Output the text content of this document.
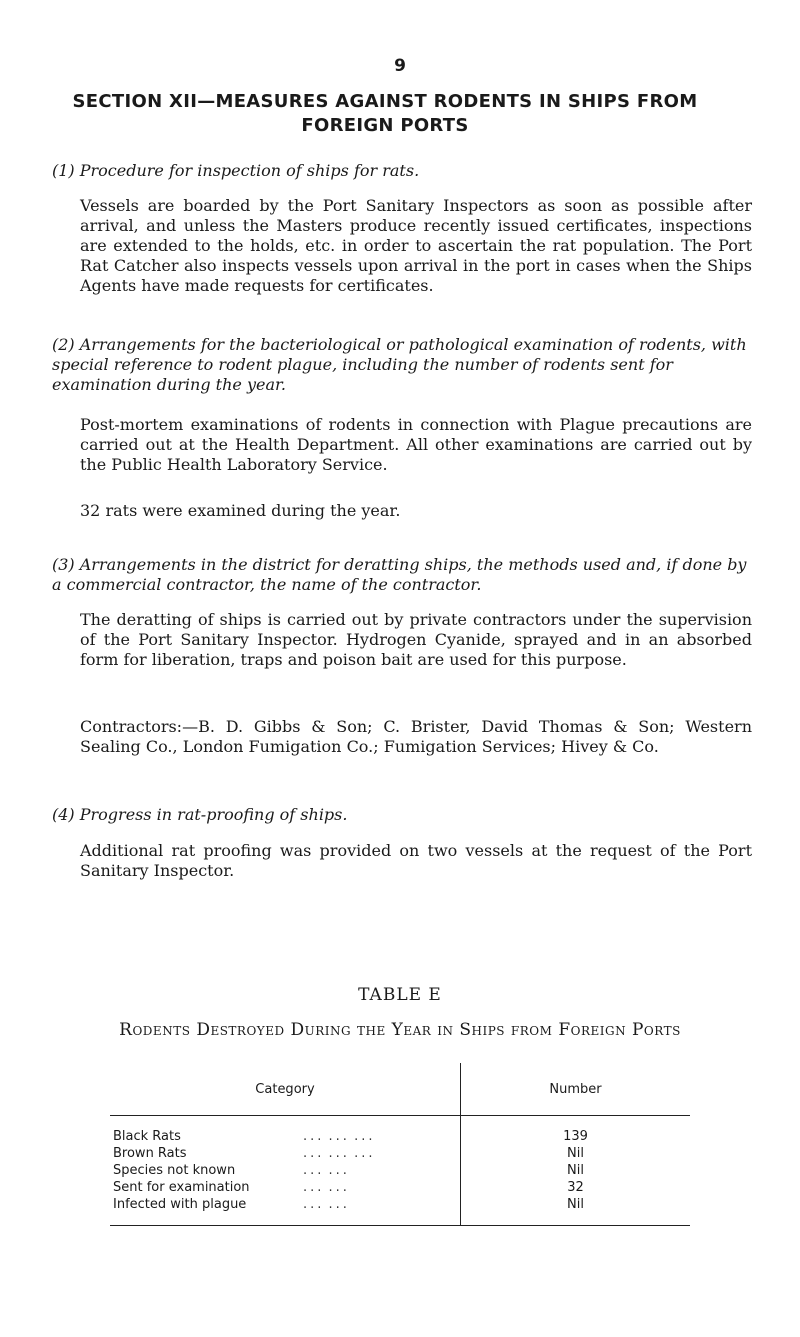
9
SECTION XII—MEASURES AGAINST RODENTS IN SHIPS FROM FOREIGN PORTS
(1) Procedure for inspection of ships for rats.
Vessels are boarded by the Port Sanitary Inspectors as soon as possible after arrival, and unless the Masters produce recently issued certificates, inspections are extended to the holds, etc. in order to ascertain the rat population. The Port Rat Catcher also inspects vessels upon arrival in the port in cases when the Ships Agents have made requests for certificates.
(2) Arrangements for the bacteriological or pathological examination of rodents, with special reference to rodent plague, including the number of rodents sent for examination during the year.
Post-mortem examinations of rodents in connection with Plague precautions are carried out at the Health Department. All other examinations are carried out by the Public Health Laboratory Service.
32 rats were examined during the year.
(3) Arrangements in the district for deratting ships, the methods used and, if done by a commercial contractor, the name of the contractor.
The deratting of ships is carried out by private contractors under the supervision of the Port Sanitary Inspector. Hydrogen Cyanide, sprayed and in an absorbed form for liberation, traps and poison bait are used for this purpose.
Contractors:—B. D. Gibbs & Son; C. Brister, David Thomas & Son; Western Sealing Co., London Fumigation Co.; Fumigation Services; Hivey & Co.
(4) Progress in rat-proofing of ships.
Additional rat proofing was provided on two vessels at the request of the Port Sanitary Inspector.
TABLE E
Rodents Destroyed During the Year in Ships from Foreign Ports
Category	Number
Black Rats ... ... ...	139
Brown Rats ... ... ...	Nil
Species not known ... ...	Nil
Sent for examination ... ...	32
Infected with plague ... ...	Nil
